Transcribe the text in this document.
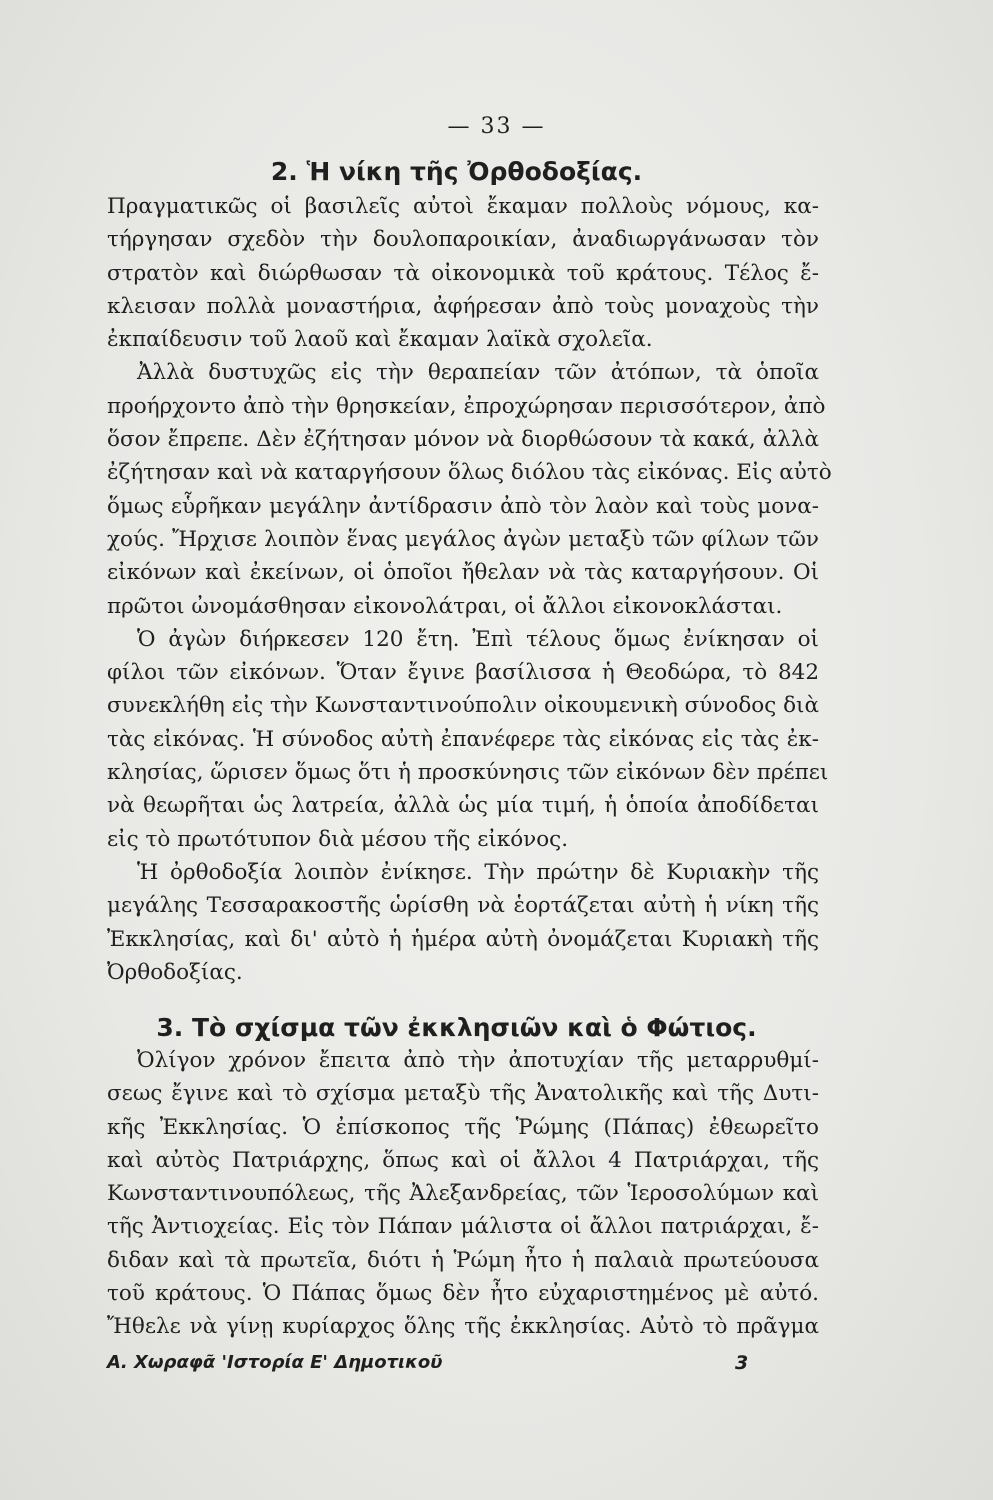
— 33 —
2. Ἡ νίκη τῆς Ὀρθοδοξίας.
Πραγματικῶς οἱ βασιλεῖς αὐτοὶ ἔκαμαν πολλοὺς νόμους, κα-
τήργησαν σχεδὸν τὴν δουλοπαροικίαν, ἀναδιωργάνωσαν τὸν
στρατὸν καὶ διώρθωσαν τὰ οἰκονομικὰ τοῦ κράτους. Τέλος ἔ-
κλεισαν πολλὰ μοναστήρια, ἀφήρεσαν ἀπὸ τοὺς μοναχοὺς τὴν
ἐκπαίδευσιν τοῦ λαοῦ καὶ ἔκαμαν λαϊκὰ σχολεῖα.
Ἀλλὰ δυστυχῶς εἰς τὴν θεραπείαν τῶν ἀτόπων, τὰ ὁποῖα
προήρχοντο ἀπὸ τὴν θρησκείαν, ἐπροχώρησαν περισσότερον, ἀπὸ
ὅσον ἔπρεπε. Δὲν ἐζήτησαν μόνον νὰ διορθώσουν τὰ κακά, ἀλλὰ
ἐζήτησαν καὶ νὰ καταργήσουν ὅλως διόλου τὰς εἰκόνας. Εἰς αὐτὸ
ὅμως εὗρῆκαν μεγάλην ἀντίδρασιν ἀπὸ τὸν λαὸν καὶ τοὺς μονα-
χούς. Ἤρχισε λοιπὸν ἕνας μεγάλος ἀγὼν μεταξὺ τῶν φίλων τῶν
εἰκόνων καὶ ἐκείνων, οἱ ὁποῖοι ἤθελαν νὰ τὰς καταργήσουν. Οἱ
πρῶτοι ὠνομάσθησαν εἰκονολάτραι, οἱ ἄλλοι εἰκονοκλάσται.
Ὁ ἀγὼν διήρκεσεν 120 ἔτη. Ἐπὶ τέλους ὅμως ἐνίκησαν οἱ
φίλοι τῶν εἰκόνων. Ὅταν ἔγινε βασίλισσα ἡ Θεοδώρα, τὸ 842
συνεκλήθη εἰς τὴν Κωνσταντινούπολιν οἰκουμενικὴ σύνοδος διὰ
τὰς εἰκόνας. Ἡ σύνοδος αὐτὴ ἐπανέφερε τὰς εἰκόνας εἰς τὰς ἐκ-
κλησίας, ὥρισεν ὅμως ὅτι ἡ προσκύνησις τῶν εἰκόνων δὲν πρέπει
νὰ θεωρῆται ὡς λατρεία, ἀλλὰ ὡς μία τιμή, ἡ ὁποία ἀποδίδεται
εἰς τὸ πρωτότυπον διὰ μέσου τῆς εἰκόνος.
Ἡ ὀρθοδοξία λοιπὸν ἐνίκησε. Τὴν πρώτην δὲ Κυριακὴν τῆς
μεγάλης Τεσσαρακοστῆς ὡρίσθη νὰ ἑορτάζεται αὐτὴ ἡ νίκη τῆς
Ἐκκλησίας, καὶ δι' αὐτὸ ἡ ἡμέρα αὐτὴ ὀνομάζεται Κυριακὴ τῆς
Ὀρθοδοξίας.
3. Τὸ σχίσμα τῶν ἐκκλησιῶν καὶ ὁ Φώτιος.
Ὀλίγον χρόνον ἔπειτα ἀπὸ τὴν ἀποτυχίαν τῆς μεταρρυθμί-
σεως ἔγινε καὶ τὸ σχίσμα μεταξὺ τῆς Ἀνατολικῆς καὶ τῆς Δυτι-
κῆς Ἐκκλησίας. Ὁ ἐπίσκοπος τῆς Ῥώμης (Πάπας) ἐθεωρεῖτο
καὶ αὐτὸς Πατριάρχης, ὅπως καὶ οἱ ἄλλοι 4 Πατριάρχαι, τῆς
Κωνσταντινουπόλεως, τῆς Ἀλεξανδρείας, τῶν Ἱεροσολύμων καὶ
τῆς Ἀντιοχείας. Εἰς τὸν Πάπαν μάλιστα οἱ ἄλλοι πατριάρχαι, ἔ-
διδαν καὶ τὰ πρωτεῖα, διότι ἡ Ῥώμη ἦτο ἡ παλαιὰ πρωτεύουσα
τοῦ κράτους. Ὁ Πάπας ὅμως δὲν ἦτο εὐχαριστημένος μὲ αὐτό.
Ἤθελε νὰ γίνῃ κυρίαρχος ὅλης τῆς ἐκκλησίας. Αὐτὸ τὸ πρᾶγμα
Α. Χωραφᾶ 'Ιστορία Ε' Δημοτικοῦ	3
